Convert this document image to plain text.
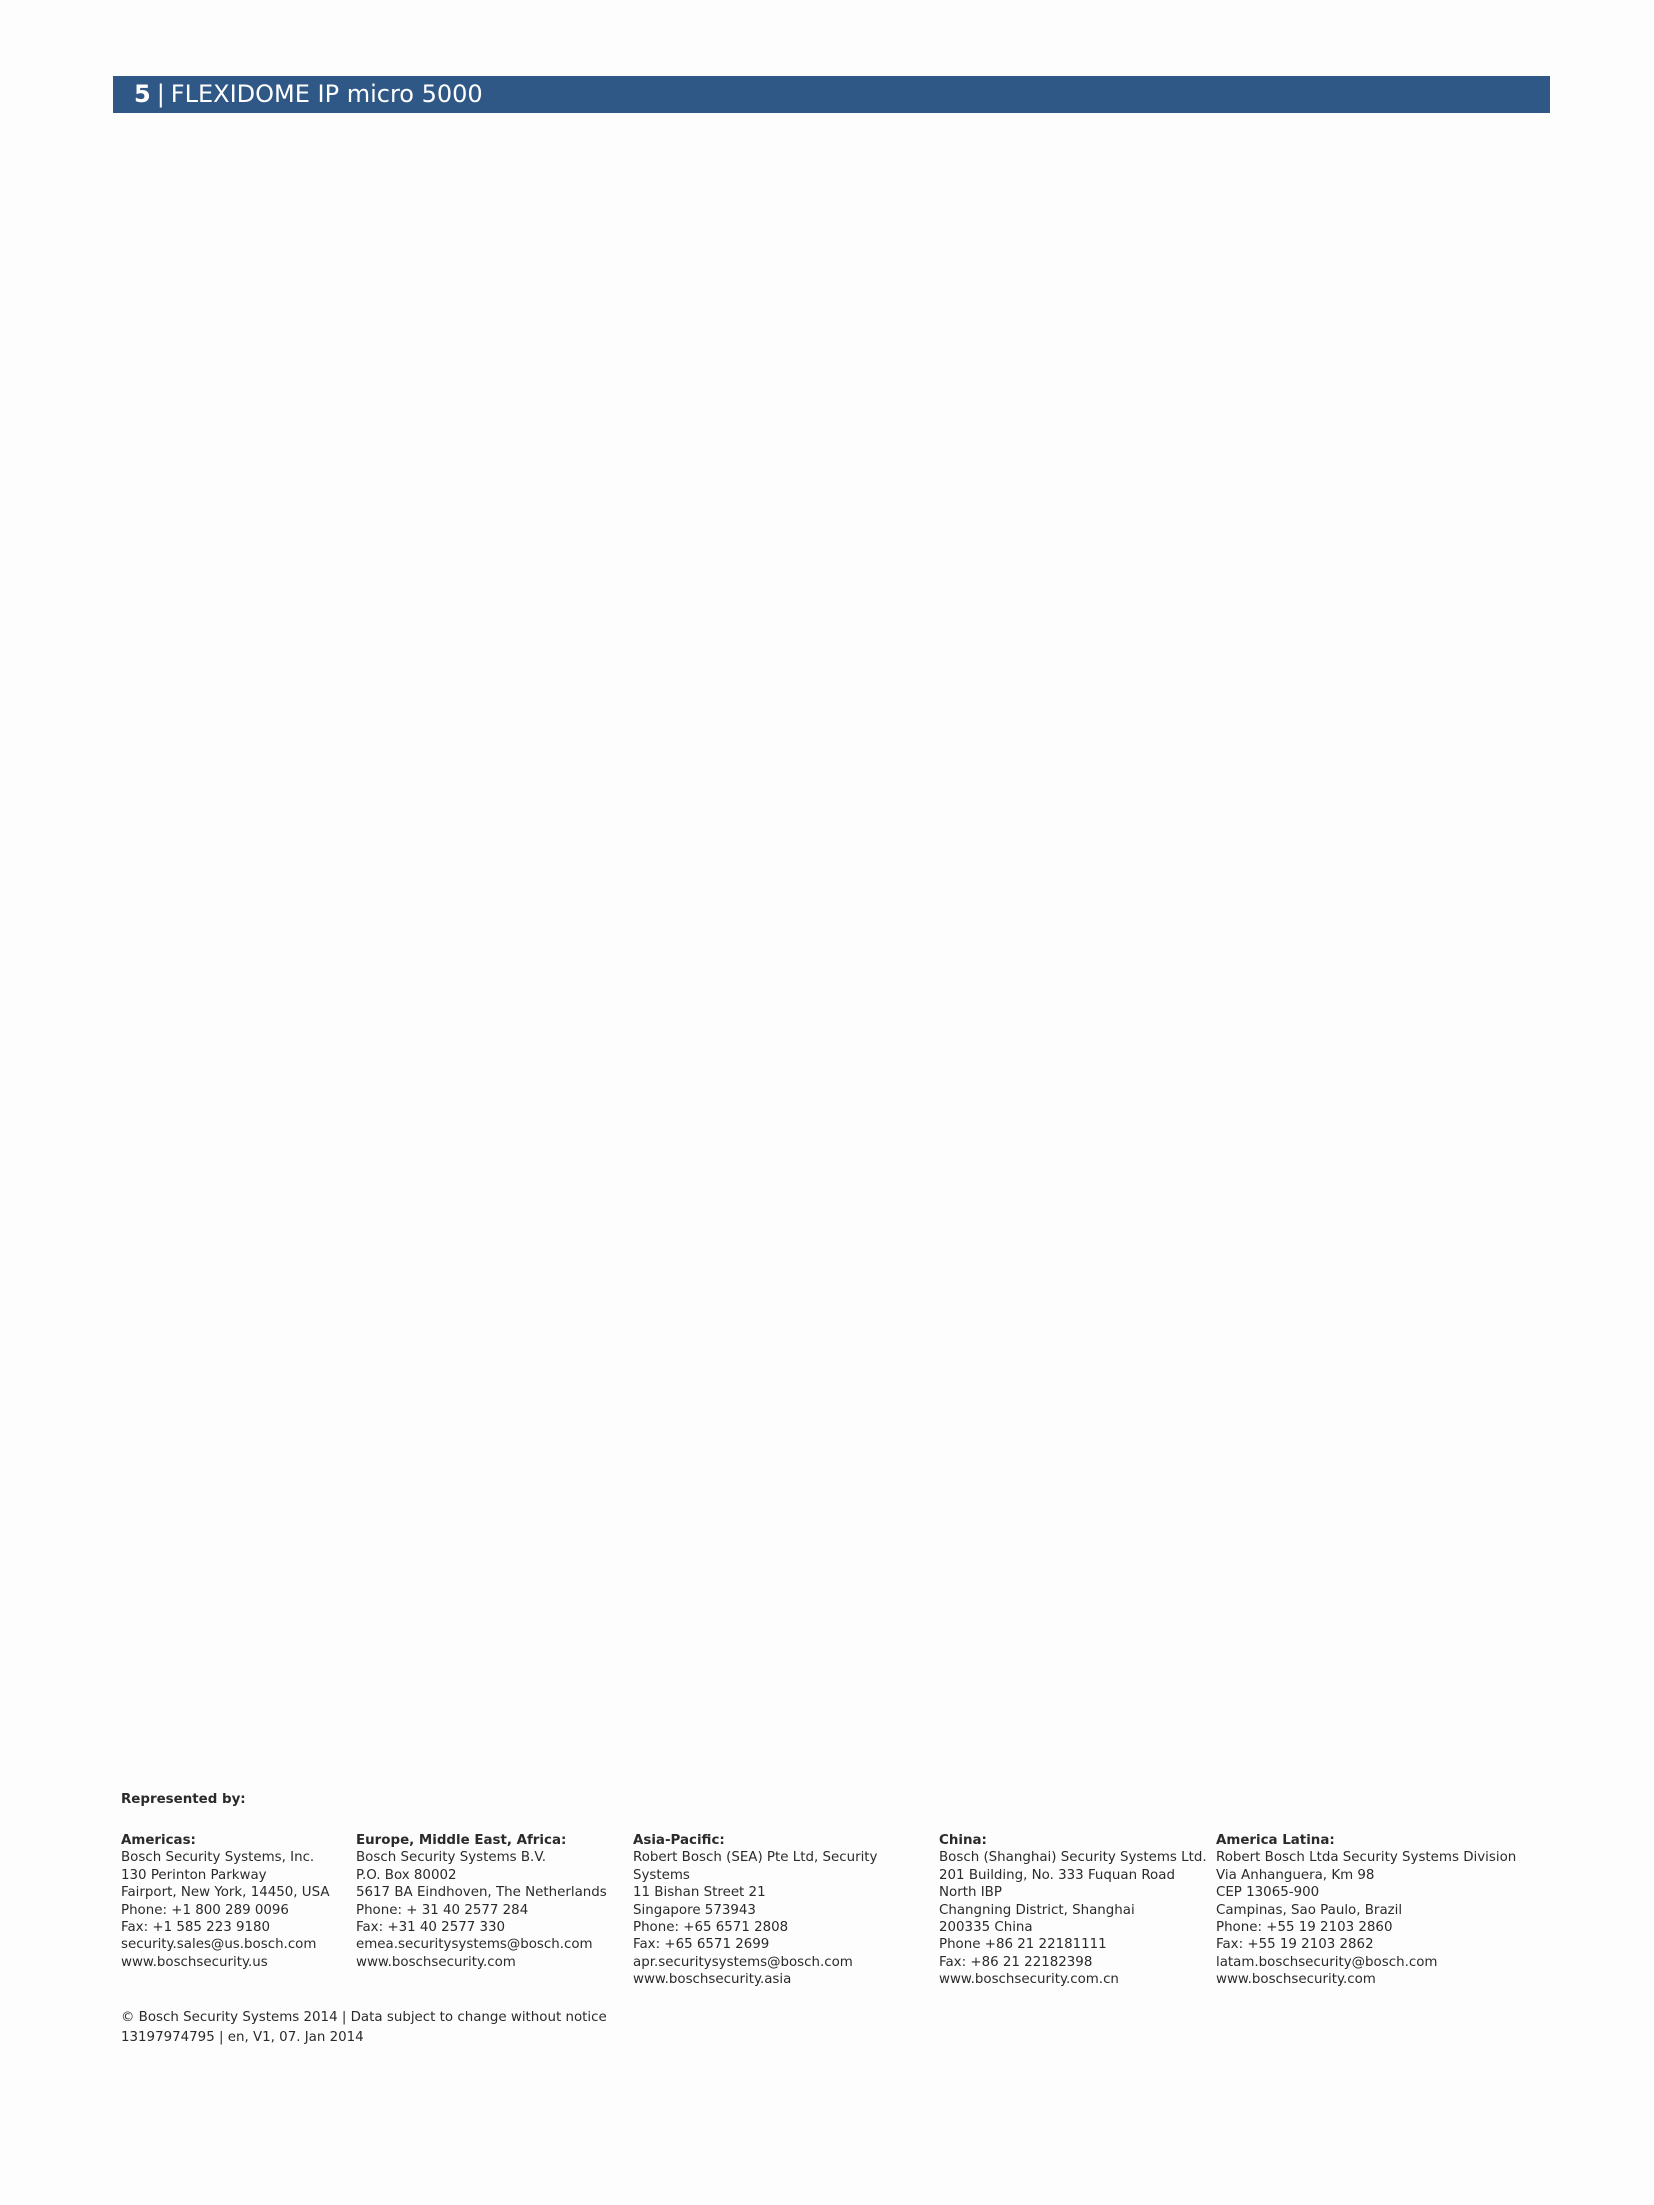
5 | FLEXIDOME IP micro 5000
Represented by:
Americas:
Bosch Security Systems, Inc.
130 Perinton Parkway
Fairport, New York, 14450, USA
Phone: +1 800 289 0096
Fax: +1 585 223 9180
security.sales@us.bosch.com
www.boschsecurity.us
Europe, Middle East, Africa:
Bosch Security Systems B.V.
P.O. Box 80002
5617 BA Eindhoven, The Netherlands
Phone: + 31 40 2577 284
Fax: +31 40 2577 330
emea.securitysystems@bosch.com
www.boschsecurity.com
Asia-Pacific:
Robert Bosch (SEA) Pte Ltd, Security
Systems
11 Bishan Street 21
Singapore 573943
Phone: +65 6571 2808
Fax: +65 6571 2699
apr.securitysystems@bosch.com
www.boschsecurity.asia
China:
Bosch (Shanghai) Security Systems Ltd.
201 Building, No. 333 Fuquan Road
North IBP
Changning District, Shanghai
200335 China
Phone +86 21 22181111
Fax: +86 21 22182398
www.boschsecurity.com.cn
America Latina:
Robert Bosch Ltda Security Systems Division
Via Anhanguera, Km 98
CEP 13065-900
Campinas, Sao Paulo, Brazil
Phone: +55 19 2103 2860
Fax: +55 19 2103 2862
latam.boschsecurity@bosch.com
www.boschsecurity.com
© Bosch Security Systems 2014 | Data subject to change without notice
13197974795 | en, V1, 07. Jan 2014
